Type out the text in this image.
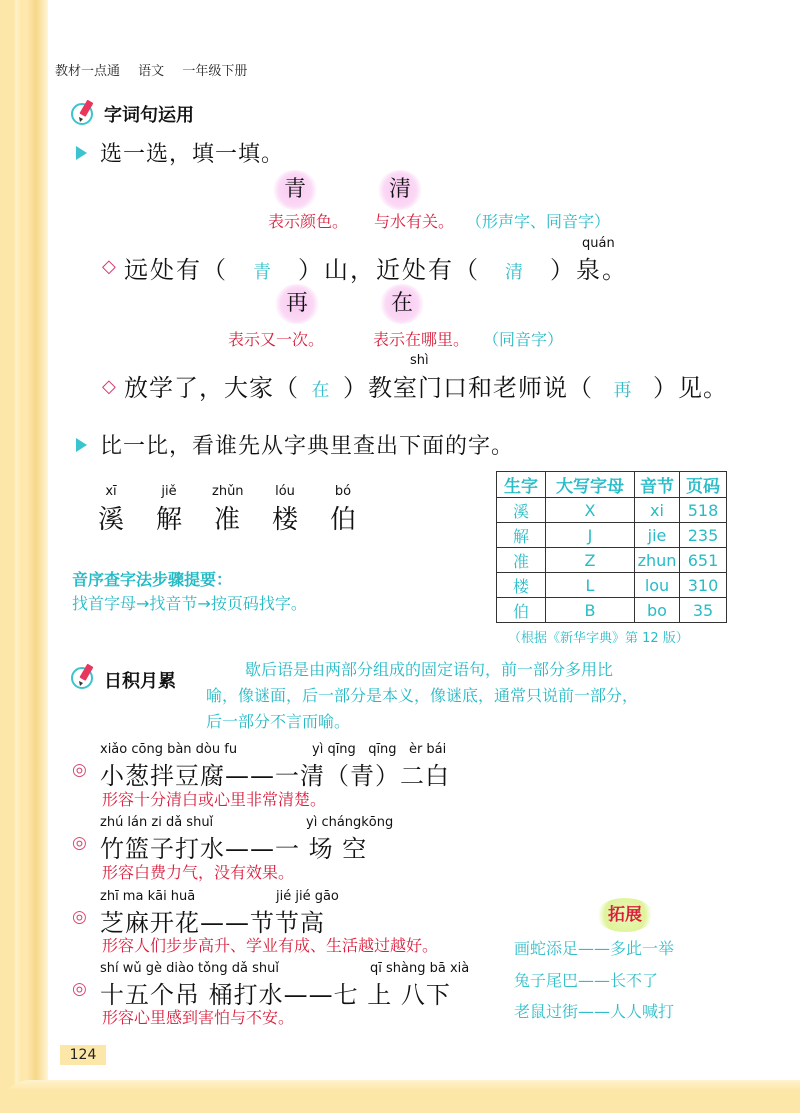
教材一点通 语文 一年级下册
字词句运用
选一选，填一填。
青	清
表示颜色。 与水有关。 （形声字、同音字）
quán
◇ 远处有（ 青 ）山，近处有（ 清 ）泉。
再	在
表示又一次。	表示在哪里。 （同音字）
shì
◇ 放学了，大家（ 在 ）教室门口和老师说（ 再 ）见。
比一比，看谁先从字典里查出下面的字。
xī
溪
jiě
解
zhǔn
准
lóu
楼
bó
伯
音序查字法步骤提要：
找首字母→找音节→按页码找字。
生字	大写字母	音节	页码
溪	X	xi	518
解	J	jie	235
准	Z	zhun	651
楼	L	lou	310
伯	B	bo	35
（根据《新华字典》第 12 版）
日积月累
歇后语是由两部分组成的固定语句，前一部分多用比
喻，像谜面，后一部分是本义，像谜底，通常只说前一部分，
后一部分不言而喻。
xiǎo cōng bàn dòu fu	yì qīng   qīng   èr bái
◎ 小葱拌豆腐——一清（青）二白
形容十分清白或心里非常清楚。
zhú lán zi dǎ shuǐ	yì chángkōng
◎ 竹篮子打水——一 场 空
形容白费力气，没有效果。
zhī ma kāi huā	jié jié gāo
◎ 芝麻开花——节节高
形容人们步步高升、学业有成、生活越过越好。
shí wǔ gè diào tǒng dǎ shuǐ	qī shàng bā xià
◎ 十五个吊 桶打水——七 上 八下
形容心里感到害怕与不安。
拓展
画蛇添足——多此一举
兔子尾巴——长不了
老鼠过街——人人喊打
124
